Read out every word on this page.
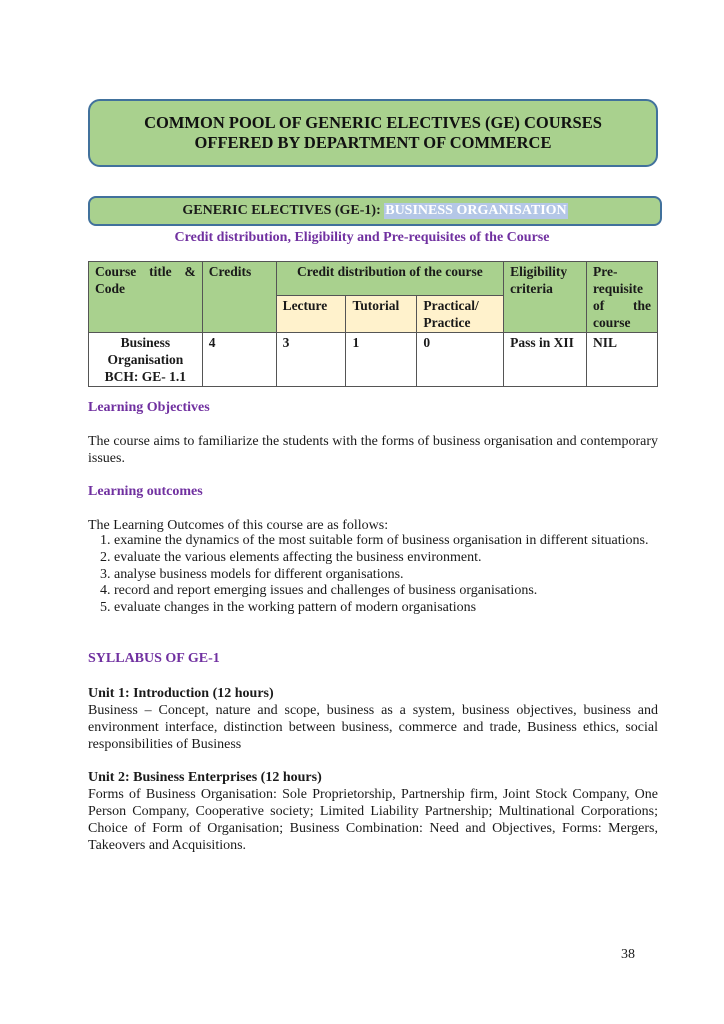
COMMON POOL OF GENERIC ELECTIVES (GE) COURSES
OFFERED BY DEPARTMENT OF COMMERCE
GENERIC ELECTIVES (GE-1):
BUSINESS ORGANISATION
Credit distribution, Eligibility and Pre-requisites of the Course
Course title & Code	Credits	Credit distribution of the course			Eligibility criteria	Pre-requisite of the course
		Lecture	Tutorial	Practical/ Practice		

Business Organisation
BCH: GE- 1.1	4	3	1	0	Pass in XII	NIL
Learning Objectives
The course aims to familiarize the students with the forms of business organisation and contemporary issues.
Learning outcomes
The Learning Outcomes of this course are as follows:
1. examine the dynamics of the most suitable form of business organisation in different situations.
2. evaluate the various elements affecting the business environment.
3. analyse business models for different organisations.
4. record and report emerging issues and challenges of business organisations.
5. evaluate changes in the working pattern of modern organisations
SYLLABUS OF GE-1
Unit 1: Introduction (12 hours)
Business – Concept, nature and scope, business as a system, business objectives, business and environment interface, distinction between business, commerce and trade, Business ethics, social responsibilities of Business
Unit 2: Business Enterprises (12 hours)
Forms of Business Organisation: Sole Proprietorship, Partnership firm, Joint Stock Company, One Person Company, Cooperative society; Limited Liability Partnership; Multinational Corporations; Choice of Form of Organisation; Business Combination: Need and Objectives, Forms: Mergers, Takeovers and Acquisitions.
38
